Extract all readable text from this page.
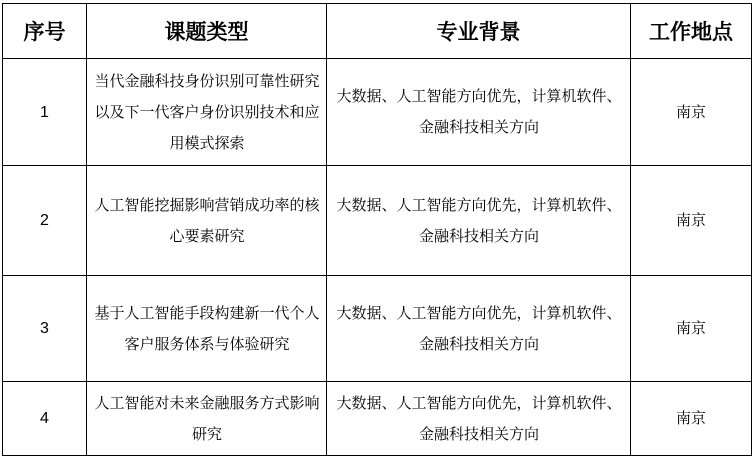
序号	课题类型	专业背景	工作地点
1	当代金融科技身份识别可靠性研究以及下一代客户身份识别技术和应用模式探索	大数据、人工智能方向优先，计算机软件、金融科技相关方向	南京
2	人工智能挖掘影响营销成功率的核心要素研究	大数据、人工智能方向优先，计算机软件、金融科技相关方向	南京
3	基于人工智能手段构建新一代个人客户服务体系与体验研究	大数据、人工智能方向优先，计算机软件、金融科技相关方向	南京
4	人工智能对未来金融服务方式影响研究	大数据、人工智能方向优先，计算机软件、金融科技相关方向	南京
